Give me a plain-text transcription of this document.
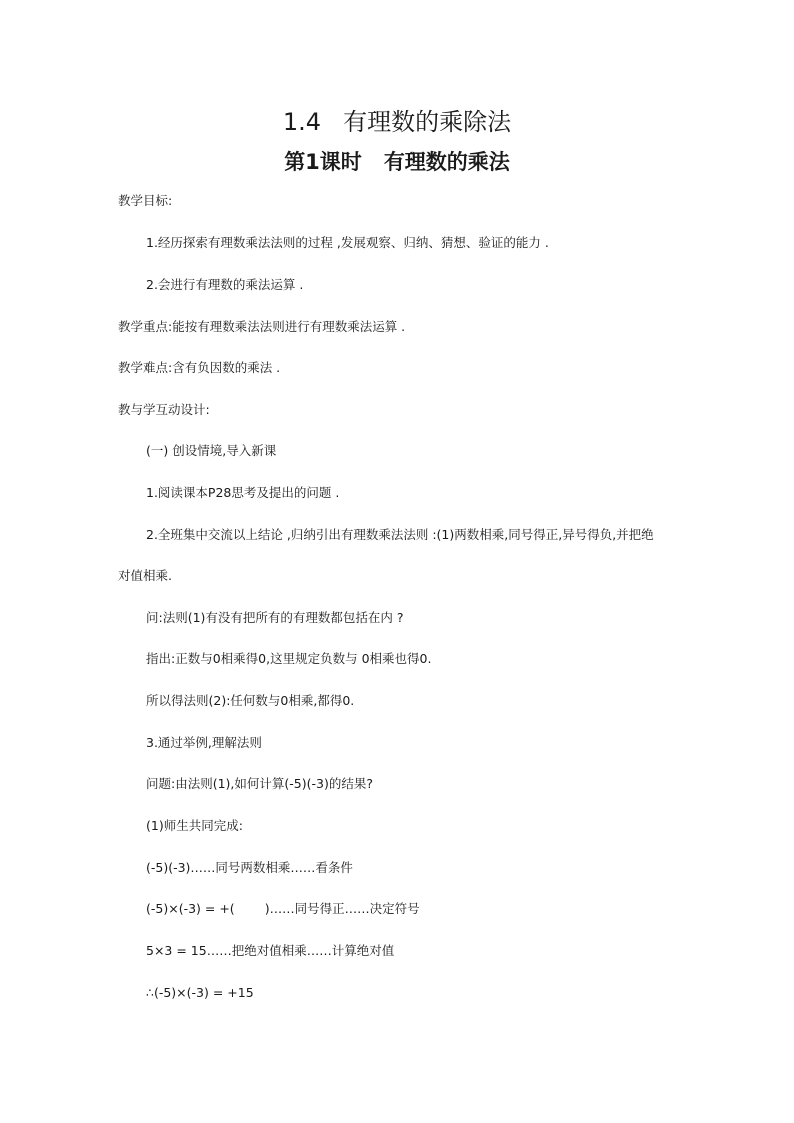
1.4 有理数的乘除法
第1课时 有理数的乘法
教学目标:
1.经历探索有理数乘法法则的过程 ,发展观察、归纳、猜想、验证的能力 .
2.会进行有理数的乘法运算 .
教学重点:能按有理数乘法法则进行有理数乘法运算 .
教学难点:含有负因数的乘法 .
教与学互动设计:
(一) 创设情境,导入新课
1.阅读课本P28思考及提出的问题 .
2.全班集中交流以上结论 ,归纳引出有理数乘法法则 :(1)两数相乘,同号得正,异号得负,并把绝
对值相乘.
问:法则(1)有没有把所有的有理数都包括在内 ?
指出:正数与0相乘得0,这里规定负数与 0相乘也得0.
所以得法则(2):任何数与0相乘,都得0.
3.通过举例,理解法则
问题:由法则(1),如何计算(-5)(-3)的结果?
(1)师生共同完成:
(-5)(-3)……同号两数相乘……看条件
(-5)×(-3) = +( )……同号得正……决定符号
5×3 = 15……把绝对值相乘……计算绝对值
∴(-5)×(-3) = +15
